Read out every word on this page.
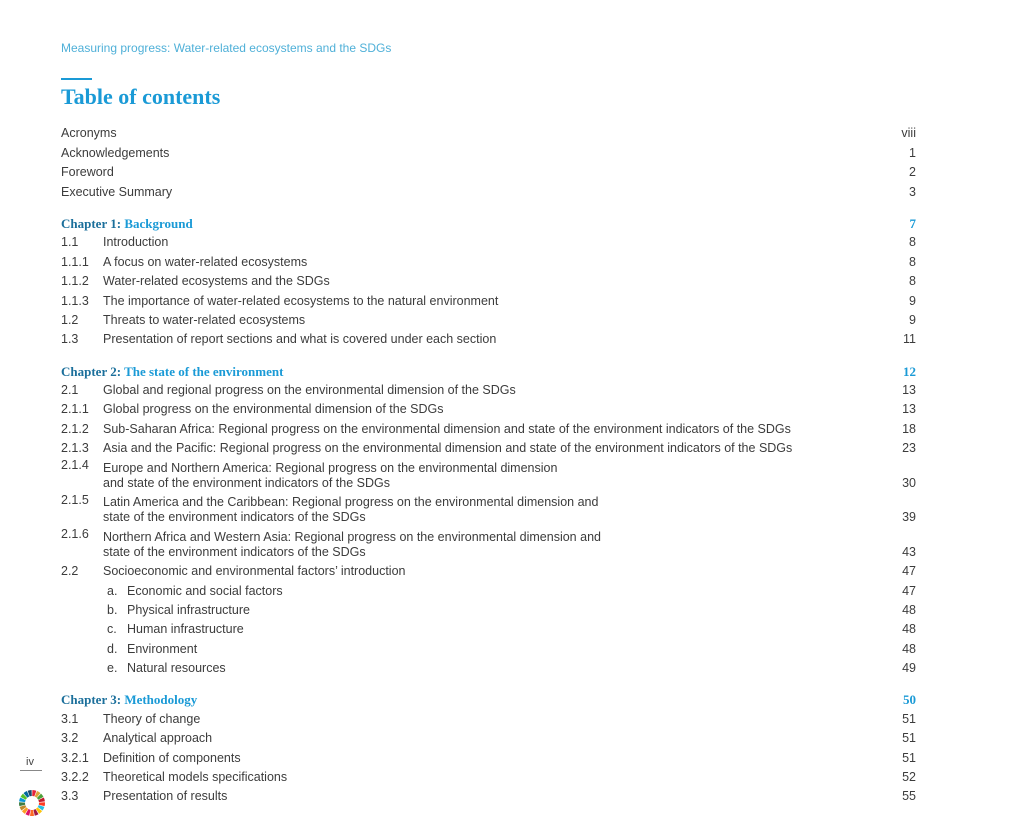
Measuring progress: Water-related ecosystems and the SDGs
Table of contents
Acronyms	viii
Acknowledgements	1
Foreword	2
Executive Summary	3
Chapter 1: Background	7
1.1	Introduction	8
1.1.1	A focus on water-related ecosystems	8
1.1.2	Water-related ecosystems and the SDGs	8
1.1.3	The importance of water-related ecosystems to the natural environment	9
1.2	Threats to water-related ecosystems	9
1.3	Presentation of report sections and what is covered under each section	11
Chapter 2: The state of the environment	12
2.1	Global and regional progress on the environmental dimension of the SDGs	13
2.1.1	Global progress on the environmental dimension of the SDGs	13
2.1.2	Sub-Saharan Africa: Regional progress on the environmental dimension and state of the environment indicators of the SDGs	18
2.1.3	Asia and the Pacific: Regional progress on the environmental dimension and state of the environment indicators of the SDGs	23
2.1.4	Europe and Northern America: Regional progress on the environmental dimension
and state of the environment indicators of the SDGs	30
2.1.5	Latin America and the Caribbean: Regional progress on the environmental dimension and
state of the environment indicators of the SDGs	39
2.1.6	Northern Africa and Western Asia: Regional progress on the environmental dimension and
state of the environment indicators of the SDGs	43
2.2	Socioeconomic and environmental factors’ introduction	47
a. Economic and social factors	47
b. Physical infrastructure	48
c. Human infrastructure	48
d. Environment	48
e. Natural resources	49
Chapter 3: Methodology	50
3.1	Theory of change	51
3.2	Analytical approach	51
3.2.1	Definition of components	51
3.2.2	Theoretical models specifications	52
3.3	Presentation of results	55
iv
